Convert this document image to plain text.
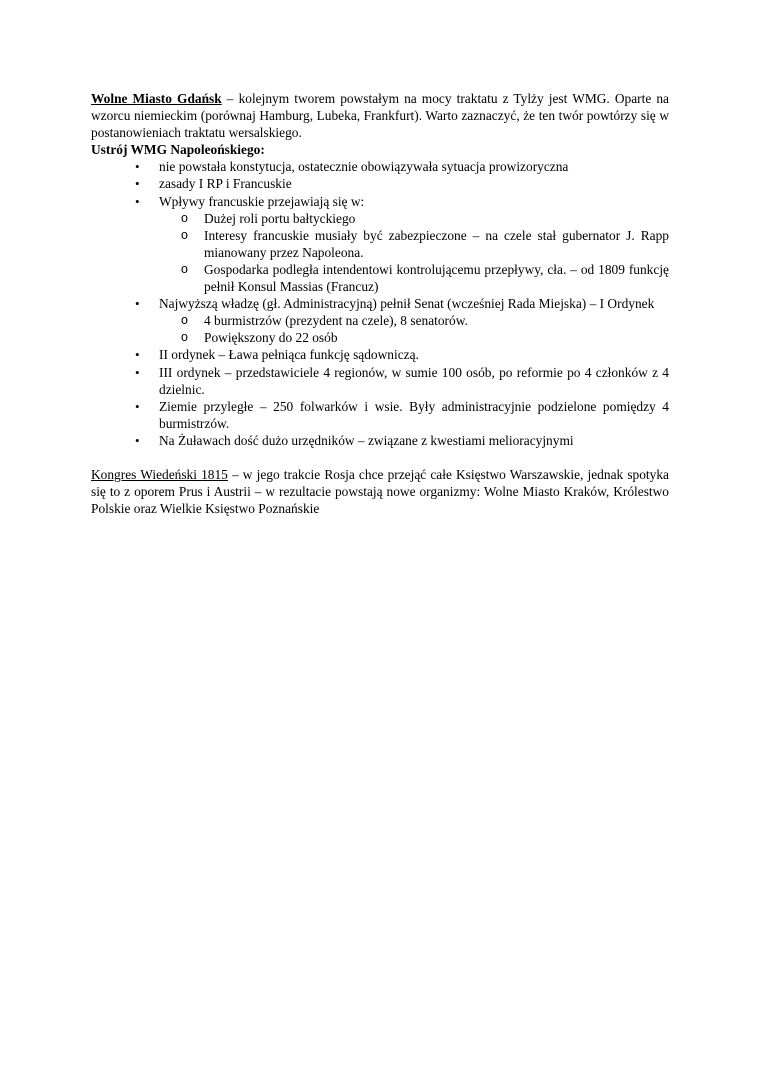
Wolne Miasto Gdańsk – kolejnym tworem powstałym na mocy traktatu z Tylży jest WMG. Oparte na wzorcu niemieckim (porównaj Hamburg, Lubeka, Frankfurt). Warto zaznaczyć, że ten twór powtórzy się w postanowieniach traktatu wersalskiego.

Ustrój WMG Napoleońskiego:

• nie powstała konstytucja, ostatecznie obowiązywała sytuacja prowizoryczna
• zasady I RP i Francuskie
• Wpływy francuskie przejawiają się w:
o Dużej roli portu bałtyckiego
o Interesy francuskie musiały być zabezpieczone – na czele stał gubernator J. Rapp mianowany przez Napoleona.
o Gospodarka podległa intendentowi kontrolującemu przepływy, cła. – od 1809 funkcję pełnił Konsul Massias (Francuz)
• Najwyższą władzę (gł. Administracyjną) pełnił Senat (wcześniej Rada Miejska) – I Ordynek
o 4 burmistrzów (prezydent na czele), 8 senatorów.
o Powiększony do 22 osób
• II ordynek – Ława pełniąca funkcję sądowniczą.
• III ordynek – przedstawiciele 4 regionów, w sumie 100 osób, po reformie po 4 członków z 4 dzielnic.
• Ziemie przyległe – 250 folwarków i wsie. Były administracyjnie podzielone pomiędzy 4 burmistrzów.
• Na Żuławach dość dużo urzędników – związane z kwestiami melioracyjnymi

Kongres Wiedeński 1815 – w jego trakcie Rosja chce przejąć całe Księstwo Warszawskie, jednak spotyka się to z oporem Prus i Austrii – w rezultacie powstają nowe organizmy: Wolne Miasto Kraków, Królestwo Polskie oraz Wielkie Księstwo Poznańskie
